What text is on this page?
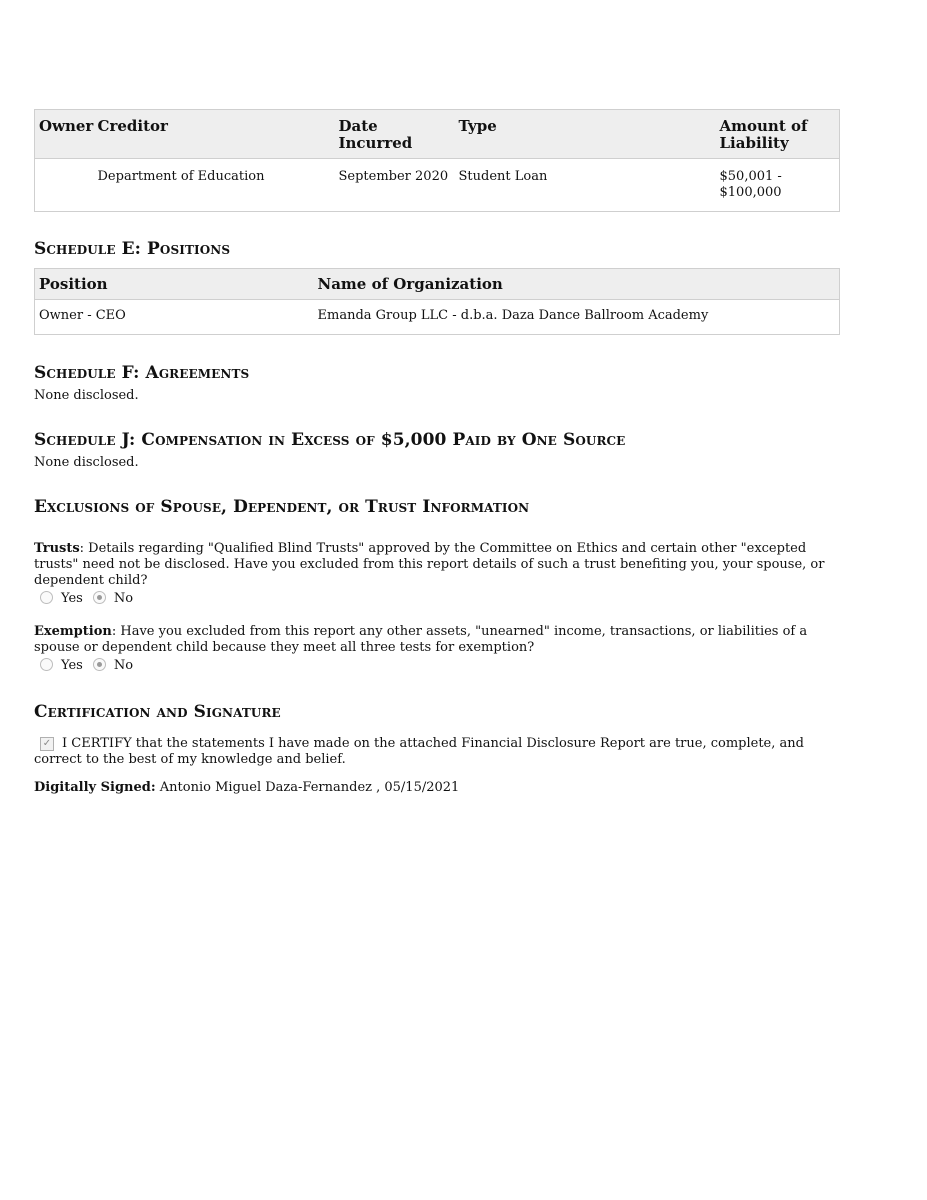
Owner	Creditor	Date Incurred	Type	Amount of Liability
	Department of Education	September 2020	Student Loan	$50,001 - $100,000
Schedule E: Positions
Position	Name of Organization
Owner - CEO	Emanda Group LLC - d.b.a. Daza Dance Ballroom Academy
Schedule F: Agreements
None disclosed.
Schedule J: Compensation in Excess of $5,000 Paid by One Source
None disclosed.
Exclusions of Spouse, Dependent, or Trust Information

Trusts: Details regarding "Qualified Blind Trusts" approved by the Committee on Ethics and certain other "excepted trusts" need not be disclosed. Have you excluded from this report details of such a trust benefiting you, your spouse, or dependent child?

Yes No

Exemption: Have you excluded from this report any other assets, "unearned" income, transactions, or liabilities of a spouse or dependent child because they meet all three tests for exemption?

Yes No
Certification and Signature
✓ I CERTIFY that the statements I have made on the attached Financial Disclosure Report are true, complete, and correct to the best of my knowledge and belief.
Digitally Signed: Antonio Miguel Daza-Fernandez , 05/15/2021
